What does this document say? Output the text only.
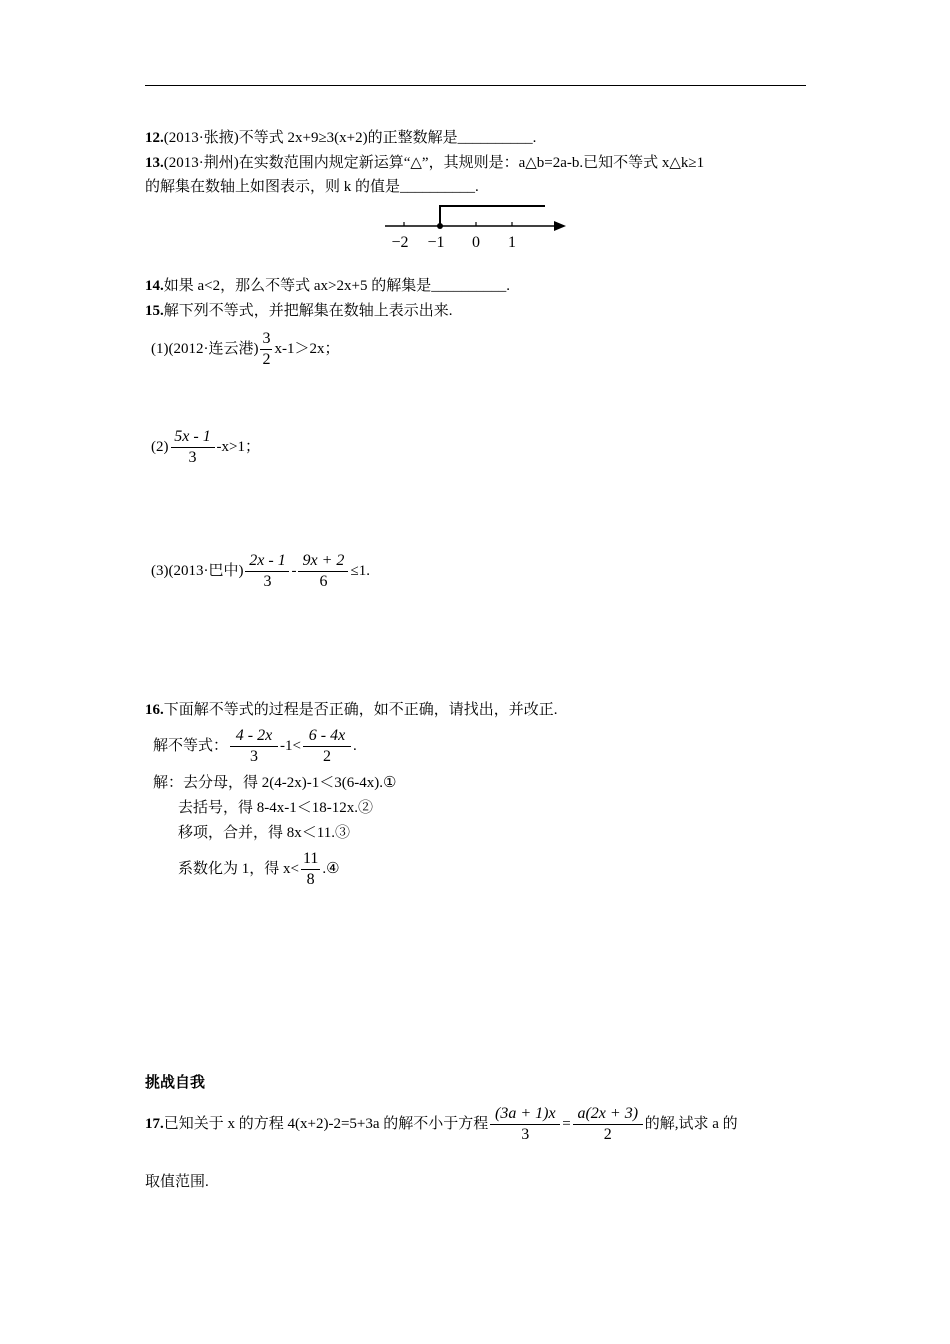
12.(2013·张掖)不等式 2x+9≥3(x+2)的正整数解是__________.
13.(2013·荆州)在实数范围内规定新运算“△”，其规则是：a△b=2a-b.已知不等式 x△k≥1
的解集在数轴上如图表示，则 k 的值是__________.
−2 −1 0 1
14.如果 a<2，那么不等式 ax>2x+5 的解集是__________.
15.解下列不等式，并把解集在数轴上表示出来.
(1)(2012·连云港) $\frac{3}{2} x-1>2x$；
$(2) \frac{5x - 1}{3} -x>1$；
(3)(2013·巴中) $\frac{2x - 1}{3} - \frac{9x + 2}{6} \le 1$.
16.下面解不等式的过程是否正确，如不正确，请找出，并改正.
解不等式： $\frac{4 - 2x}{3} -1< \frac{6 - 4x}{2}$ .
解：去分母，得 2(4-2x)-1＜3(6-4x).①
去括号，得 8-4x-1＜18-12x.②
移项，合并，得 8x＜11.③
系数化为 1，得 $x< \frac{11}{8}$ .④
挑战自我
17.已知关于 x 的方程 4(x+2)-2=5+3a 的解不小于方程 $\frac{(3a + 1)x}{3} = \frac{a(2x + 3)}{2}$ 的解,试求 a 的
取值范围.
